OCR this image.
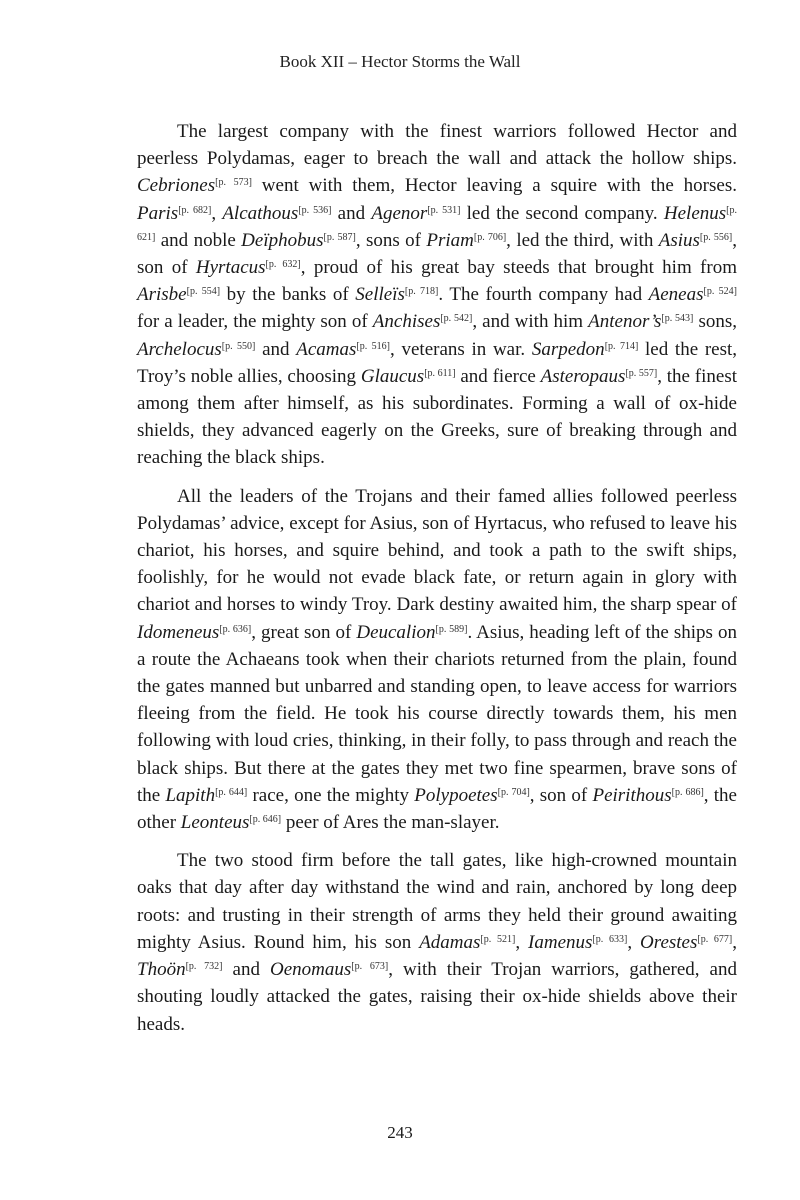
Book XII – Hector Storms the Wall

The largest company with the finest warriors followed Hector and peerless Polydamas, eager to breach the wall and attack the hollow ships. Cebriones[p. 573] went with them, Hector leaving a squire with the horses. Paris[p. 682], Alcathous[p. 536] and Agenor[p. 531] led the second company. Helenus[p. 621] and noble Deïphobus[p. 587], sons of Priam[p. 706], led the third, with Asius[p. 556], son of Hyrtacus[p. 632], proud of his great bay steeds that brought him from Arisbe[p. 554] by the banks of Selleïs[p. 718]. The fourth company had Aeneas[p. 524] for a leader, the mighty son of Anchises[p. 542], and with him Antenor’s[p. 543] sons, Archelocus[p. 550] and Acamas[p. 516], veterans in war. Sarpedon[p. 714] led the rest, Troy’s noble allies, choosing Glaucus[p. 611] and fierce Asteropaus[p. 557], the finest among them after himself, as his subordinates. Forming a wall of ox-hide shields, they advanced eagerly on the Greeks, sure of breaking through and reaching the black ships.

All the leaders of the Trojans and their famed allies followed peerless Polydamas’ advice, except for Asius, son of Hyrtacus, who refused to leave his chariot, his horses, and squire behind, and took a path to the swift ships, foolishly, for he would not evade black fate, or return again in glory with chariot and horses to windy Troy. Dark destiny awaited him, the sharp spear of Idomeneus[p. 636], great son of Deucalion[p. 589]. Asius, heading left of the ships on a route the Achaeans took when their chariots returned from the plain, found the gates manned but unbarred and standing open, to leave access for warriors fleeing from the field. He took his course directly towards them, his men following with loud cries, thinking, in their folly, to pass through and reach the black ships. But there at the gates they met two fine spearmen, brave sons of the Lapith[p. 644] race, one the mighty Polypoetes[p. 704], son of Peirithous[p. 686], the other Leonteus[p. 646] peer of Ares the man-slayer.

The two stood firm before the tall gates, like high-crowned mountain oaks that day after day withstand the wind and rain, anchored by long deep roots: and trusting in their strength of arms they held their ground awaiting mighty Asius. Round him, his son Adamas[p. 521], Iamenus[p. 633], Orestes[p. 677], Thoön[p. 732] and Oenomaus[p. 673], with their Trojan warriors, gathered, and shouting loudly attacked the gates, raising their ox-hide shields above their heads.

243
